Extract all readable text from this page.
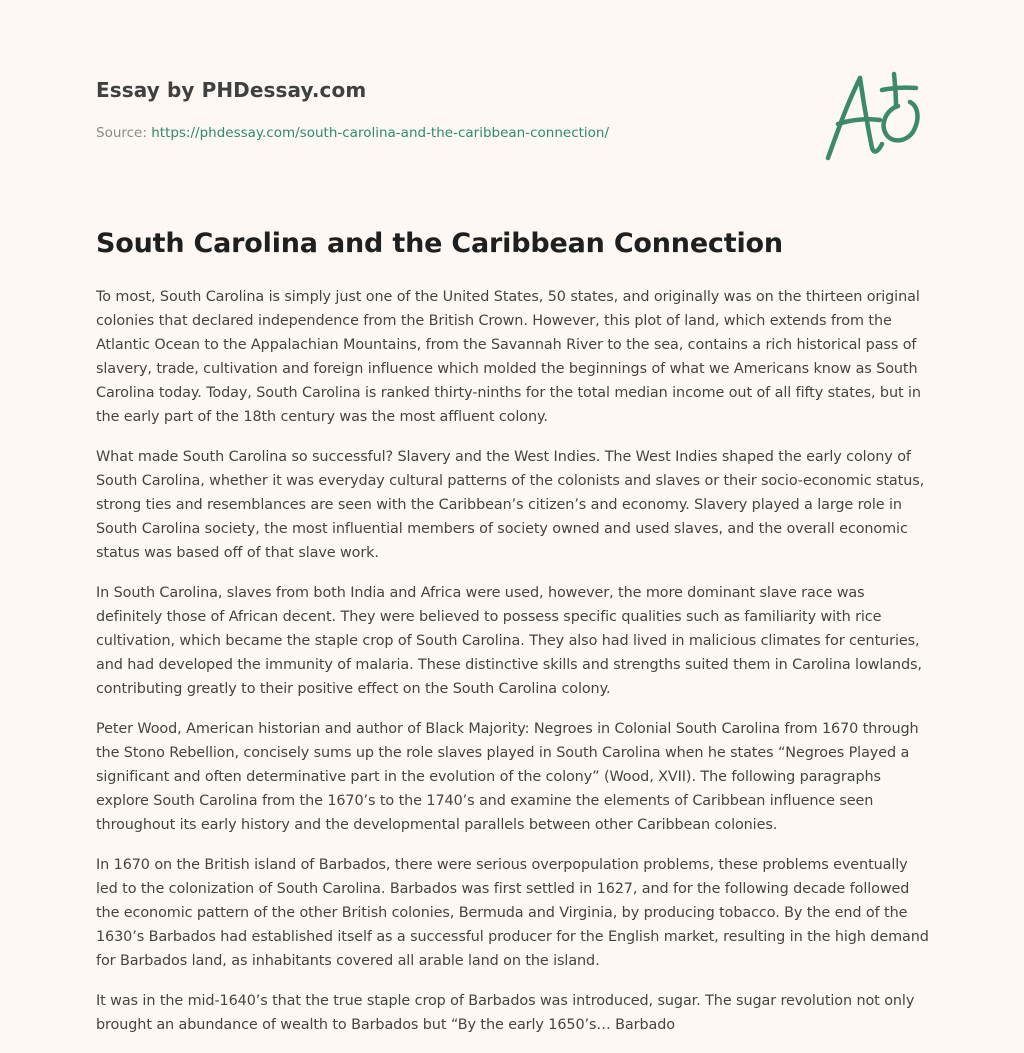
Essay by PHDessay.com
Source: https://phdessay.com/south-carolina-and-the-caribbean-connection/
South Carolina and the Caribbean Connection

To most, South Carolina is simply just one of the United States, 50 states, and originally was on the thirteen original colonies that declared independence from the British Crown. However, this plot of land, which extends from the Atlantic Ocean to the Appalachian Mountains, from the Savannah River to the sea, contains a rich historical pass of slavery, trade, cultivation and foreign influence which molded the beginnings of what we Americans know as South Carolina today. Today, South Carolina is ranked thirty-ninths for the total median income out of all fifty states, but in the early part of the 18th century was the most affluent colony.

What made South Carolina so successful? Slavery and the West Indies. The West Indies shaped the early colony of South Carolina, whether it was everyday cultural patterns of the colonists and slaves or their socio-economic status, strong ties and resemblances are seen with the Caribbean’s citizen’s and economy. Slavery played a large role in South Carolina society, the most influential members of society owned and used slaves, and the overall economic status was based off of that slave work.

In South Carolina, slaves from both India and Africa were used, however, the more dominant slave race was definitely those of African decent. They were believed to possess specific qualities such as familiarity with rice cultivation, which became the staple crop of South Carolina. They also had lived in malicious climates for centuries, and had developed the immunity of malaria. These distinctive skills and strengths suited them in Carolina lowlands, contributing greatly to their positive effect on the South Carolina colony.

Peter Wood, American historian and author of Black Majority: Negroes in Colonial South Carolina from 1670 through the Stono Rebellion, concisely sums up the role slaves played in South Carolina when he states “Negroes Played a significant and often determinative part in the evolution of the colony” (Wood, XVII). The following paragraphs explore South Carolina from the 1670’s to the 1740’s and examine the elements of Caribbean influence seen throughout its early history and the developmental parallels between other Caribbean colonies.

In 1670 on the British island of Barbados, there were serious overpopulation problems, these problems eventually led to the colonization of South Carolina. Barbados was first settled in 1627, and for the following decade followed the economic pattern of the other British colonies, Bermuda and Virginia, by producing tobacco. By the end of the 1630’s Barbados had established itself as a successful producer for the English market, resulting in the high demand for Barbados land, as inhabitants covered all arable land on the island.

It was in the mid-1640’s that the true staple crop of Barbados was introduced, sugar. The sugar revolution not only brought an abundance of wealth to Barbados but “By the early 1650’s… Barbado
